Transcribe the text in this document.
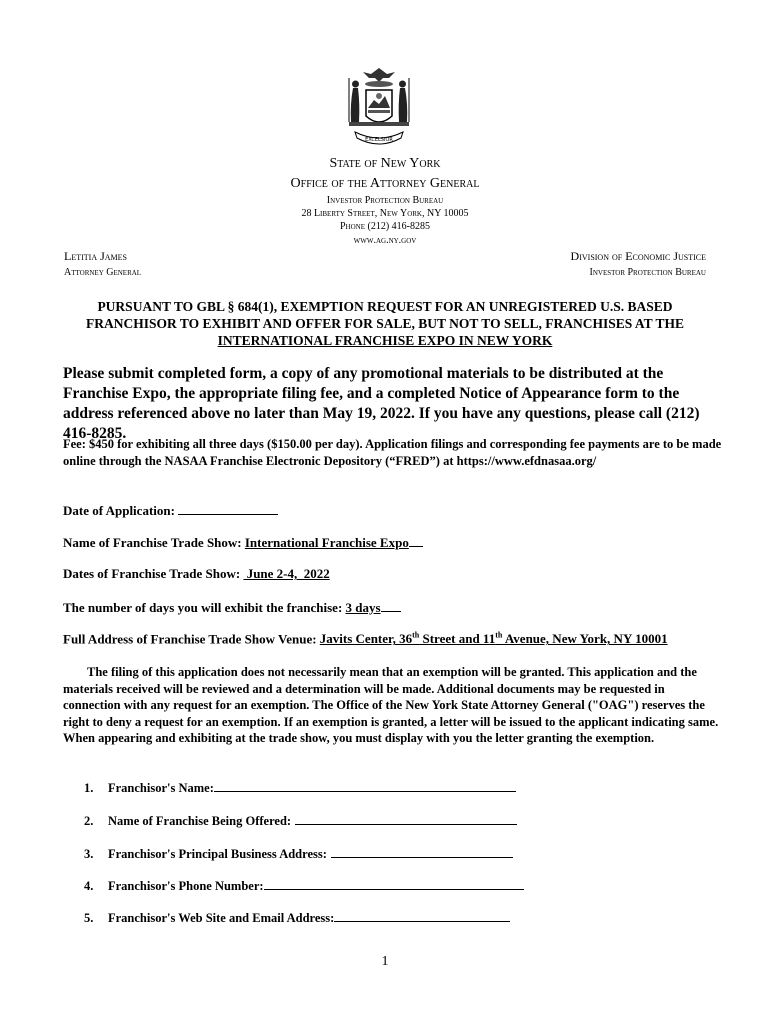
EXCELSIOR
State of New York
Office of the Attorney General
Investor Protection Bureau
28 Liberty Street, New York, NY 10005
Phone (212) 416-8285
www.ag.ny.gov
Letitia James
Attorney General
Division of Economic Justice
Investor Protection Bureau
PURSUANT TO GBL § 684(1), EXEMPTION REQUEST FOR AN UNREGISTERED U.S. BASED
FRANCHISOR TO EXHIBIT AND OFFER FOR SALE, BUT NOT TO SELL, FRANCHISES AT THE
INTERNATIONAL FRANCHISE EXPO IN NEW YORK
Please submit completed form, a copy of any promotional materials to be distributed at the Franchise Expo, the appropriate filing fee, and a completed Notice of Appearance form to the address referenced above no later than May 19, 2022. If you have any questions, please call (212) 416-8285.
Fee: $450 for exhibiting all three days ($150.00 per day). Application filings and corresponding fee payments are to be made online through the NASAA Franchise Electronic Depository (“FRED”) at https://www.efdnasaa.org/
Date of Application:
Name of Franchise Trade Show: International Franchise Expo
Dates of Franchise Trade Show:  June 2-4,  2022
The number of days you will exhibit the franchise: 3 days
Full Address of Franchise Trade Show Venue: Javits Center, 36th Street and 11th Avenue, New York, NY 10001
The filing of this application does not necessarily mean that an exemption will be granted. This application and the materials received will be reviewed and a determination will be made. Additional documents may be requested in connection with any request for an exemption. The Office of the New York State Attorney General ("OAG") reserves the right to deny a request for an exemption. If an exemption is granted, a letter will be issued to the applicant indicating same. When appearing and exhibiting at the trade show, you must display with you the letter granting the exemption.
1. Franchisor's Name:
2. Name of Franchise Being Offered:
3. Franchisor's Principal Business Address:
4. Franchisor's Phone Number:
5. Franchisor's Web Site and Email Address:
1
